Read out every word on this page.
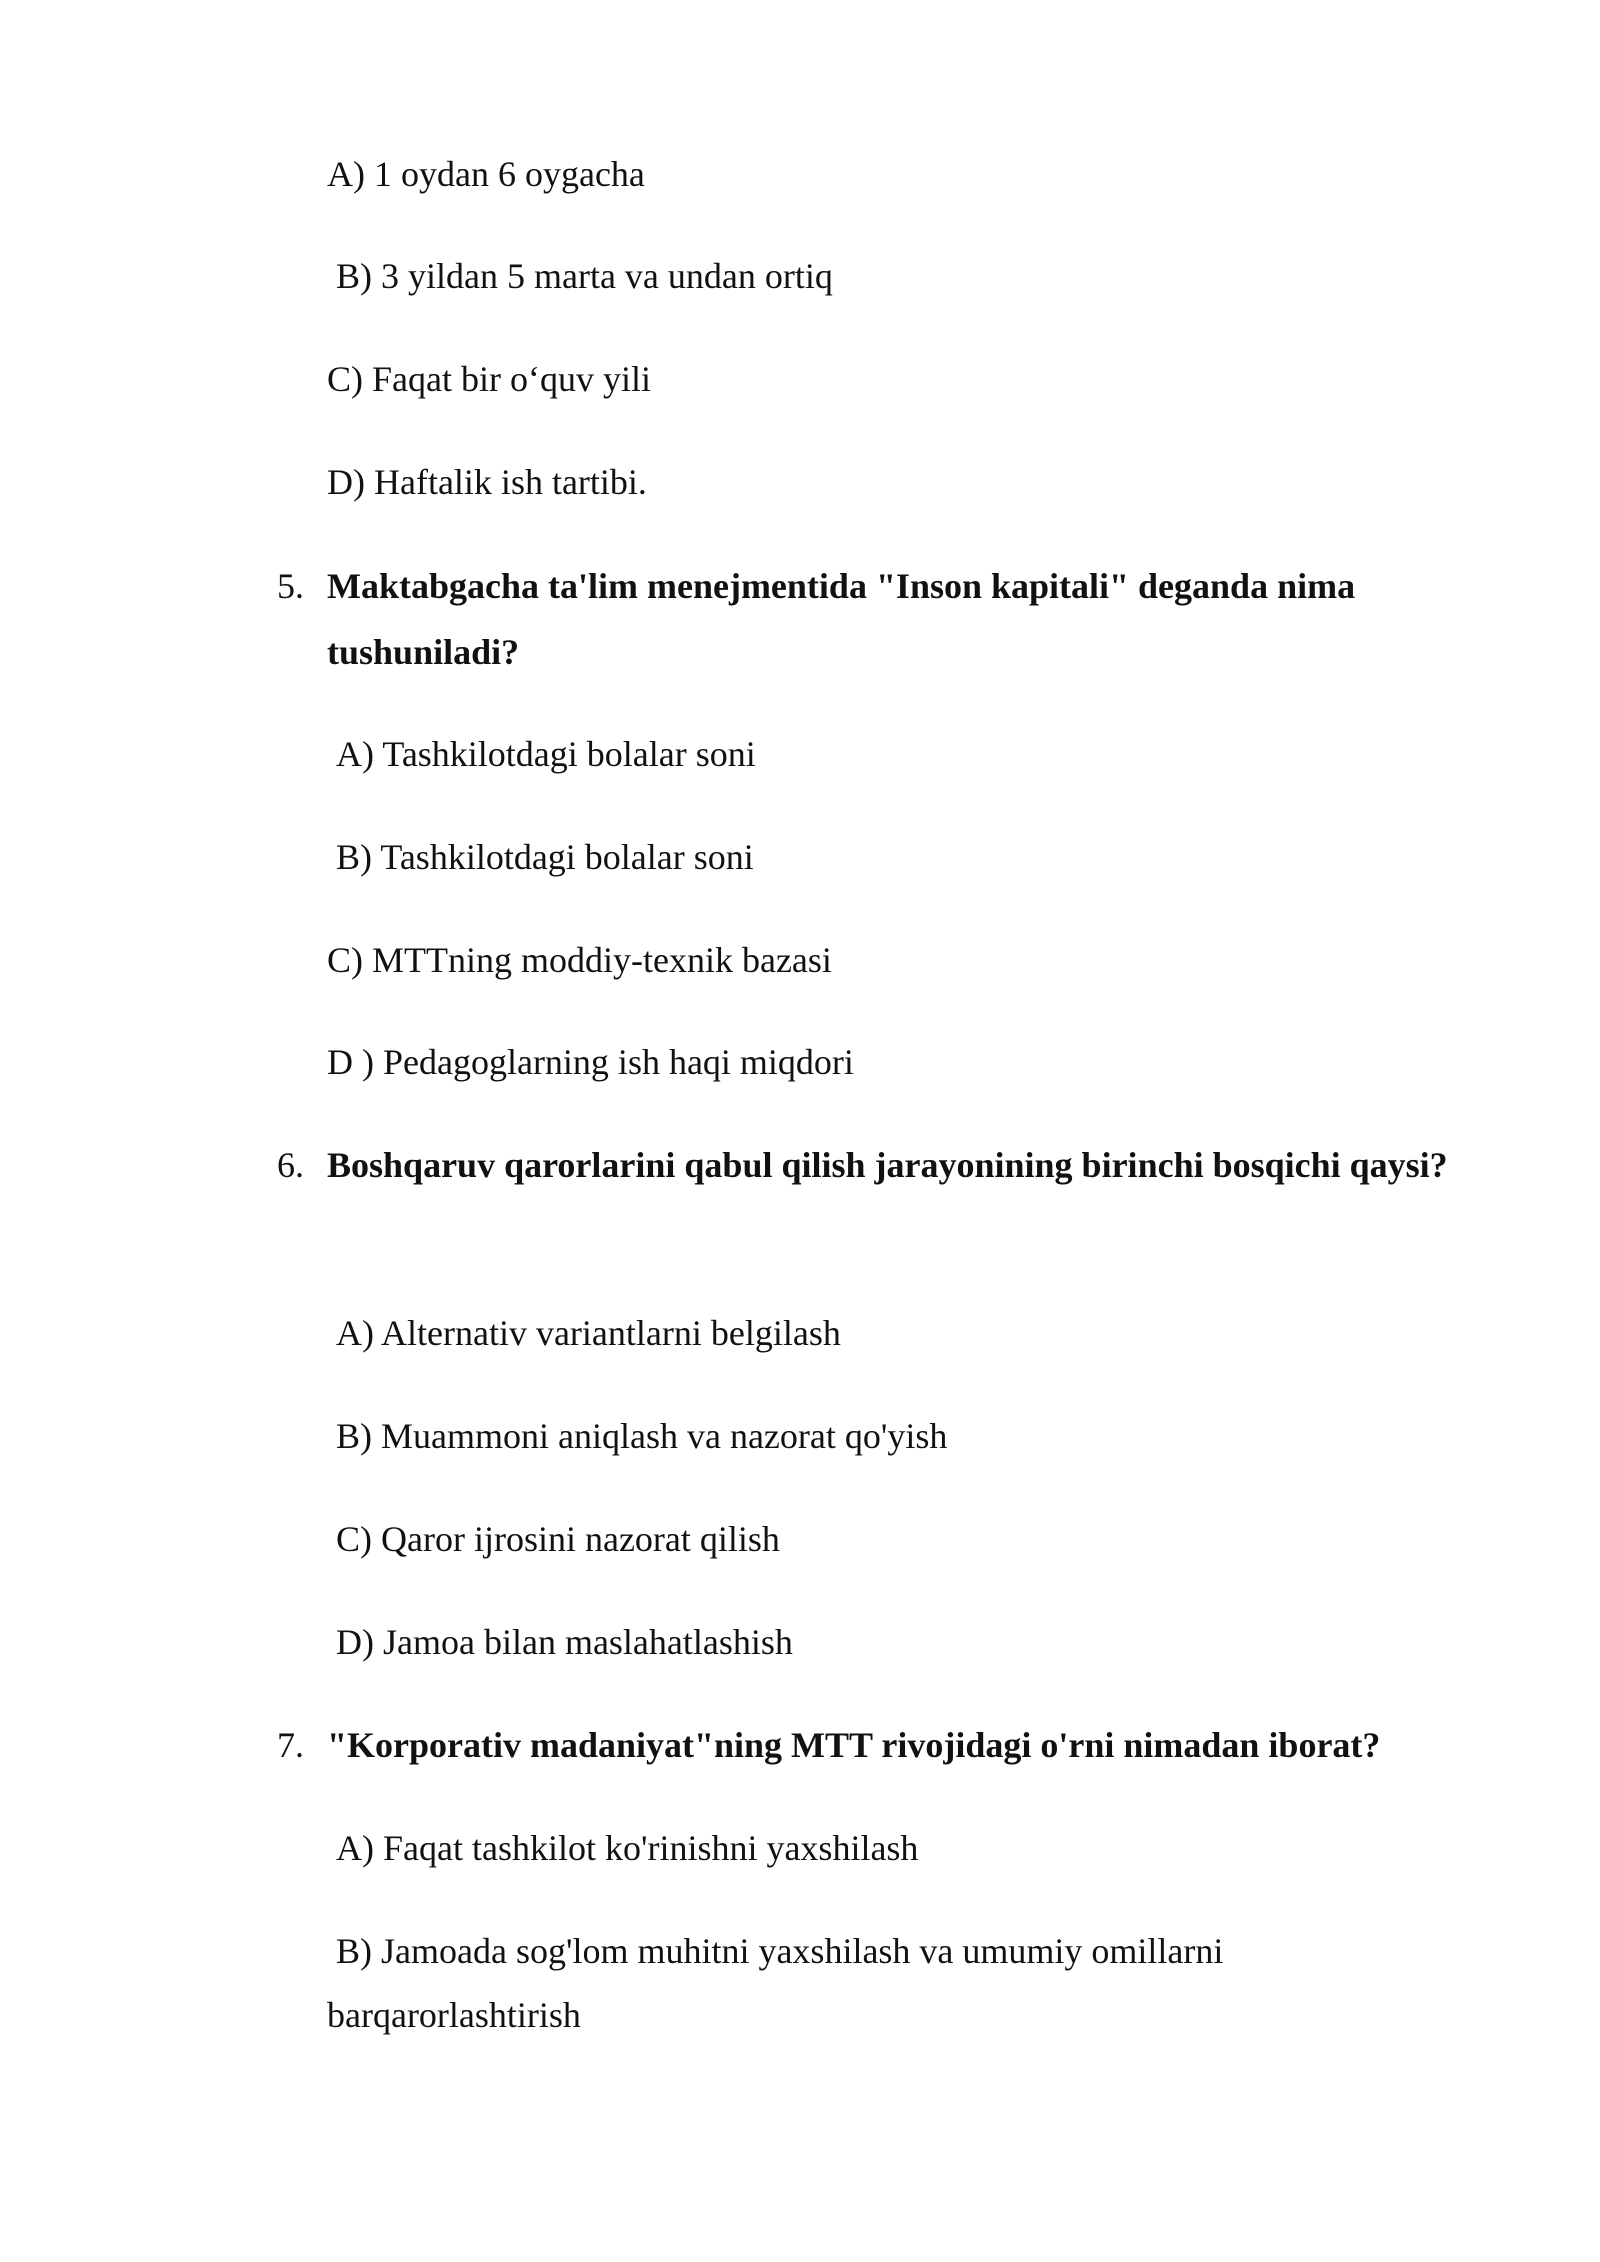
A) 1 oydan 6 oygacha
B) 3 yildan 5 marta va undan ortiq
C) Faqat bir o‘quv yili
D) Haftalik ish tartibi.
5. Maktabgacha ta'lim menejmentida "Inson kapitali" deganda nima tushuniladi?
A) Tashkilotdagi bolalar soni
B) Tashkilotdagi bolalar soni
C) MTTning moddiy-texnik bazasi
D ) Pedagoglarning ish haqi miqdori
6. Boshqaruv qarorlarini qabul qilish jarayonining birinchi bosqichi qaysi?
A) Alternativ variantlarni belgilash
B) Muammoni aniqlash va nazorat qo'yish
C) Qaror ijrosini nazorat qilish
D) Jamoa bilan maslahatlashish
7. "Korporativ madaniyat"ning MTT rivojidagi o'rni nimadan iborat?
A) Faqat tashkilot ko'rinishni yaxshilash
B) Jamoada sog'lom muhitni yaxshilash va umumiy omillarni
barqarorlashtirish
